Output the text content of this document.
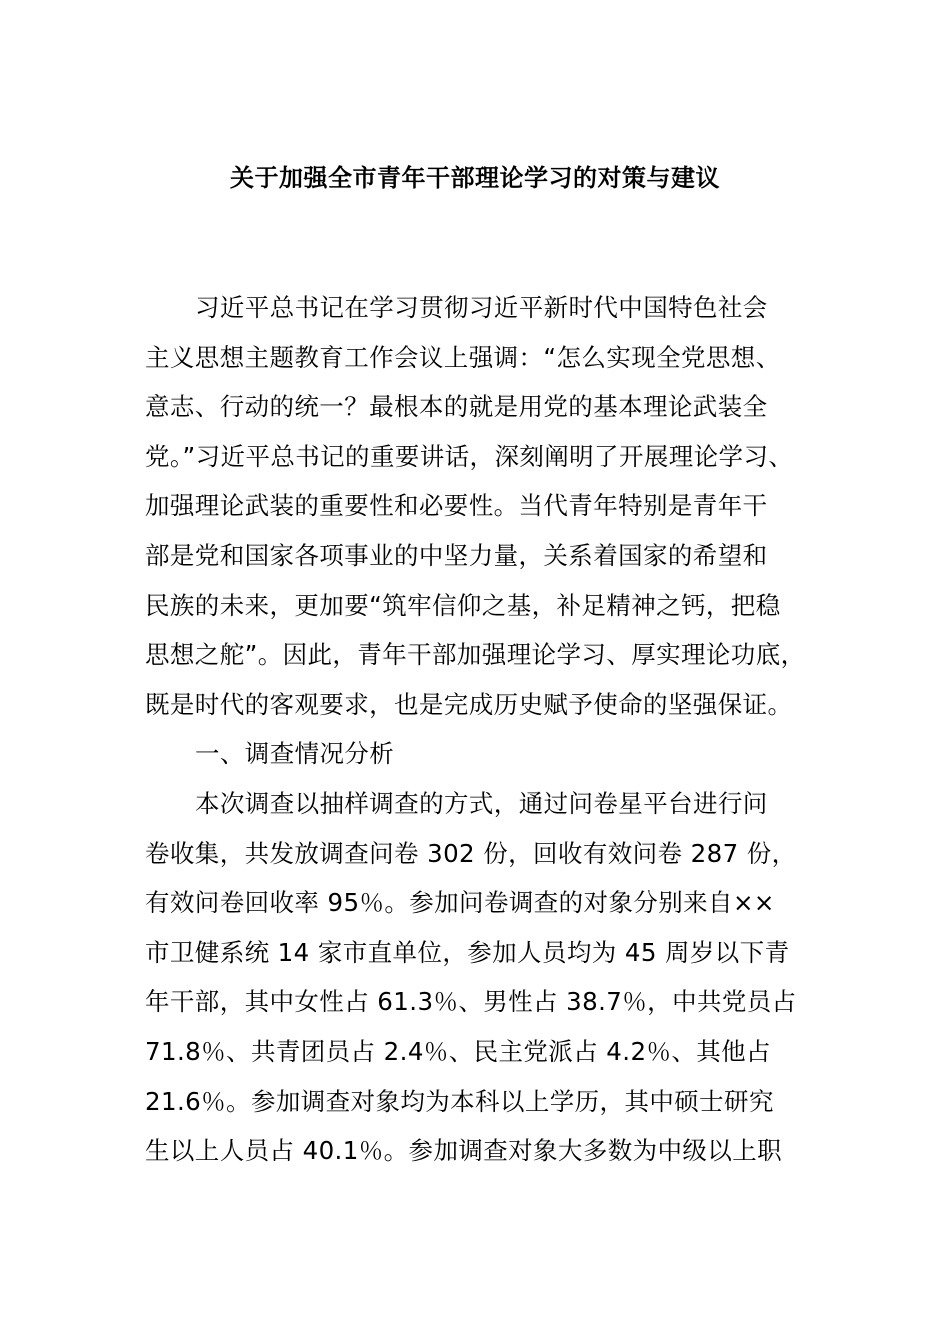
关于加强全市青年干部理论学习的对策与建议
习近平总书记在学习贯彻习近平新时代中国特色社会
主义思想主题教育工作会议上强调：“怎么实现全党思想、
意志、行动的统一？最根本的就是用党的基本理论武装全
党。”习近平总书记的重要讲话，深刻阐明了开展理论学习、
加强理论武装的重要性和必要性。当代青年特别是青年干
部是党和国家各项事业的中坚力量，关系着国家的希望和
民族的未来，更加要“筑牢信仰之基，补足精神之钙，把稳
思想之舵”。因此，青年干部加强理论学习、厚实理论功底，
既是时代的客观要求，也是完成历史赋予使命的坚强保证。
一、调查情况分析
本次调查以抽样调查的方式，通过问卷星平台进行问
卷收集，共发放调查问卷 302 份，回收有效问卷 287 份，
有效问卷回收率 95％。参加问卷调查的对象分别来自××
市卫健系统 14 家市直单位，参加人员均为 45 周岁以下青
年干部，其中女性占 61.3％、男性占 38.7％，中共党员占
71.8％、共青团员占 2.4％、民主党派占 4.2％、其他占
21.6％。参加调查对象均为本科以上学历，其中硕士研究
生以上人员占 40.1％。参加调查对象大多数为中级以上职
